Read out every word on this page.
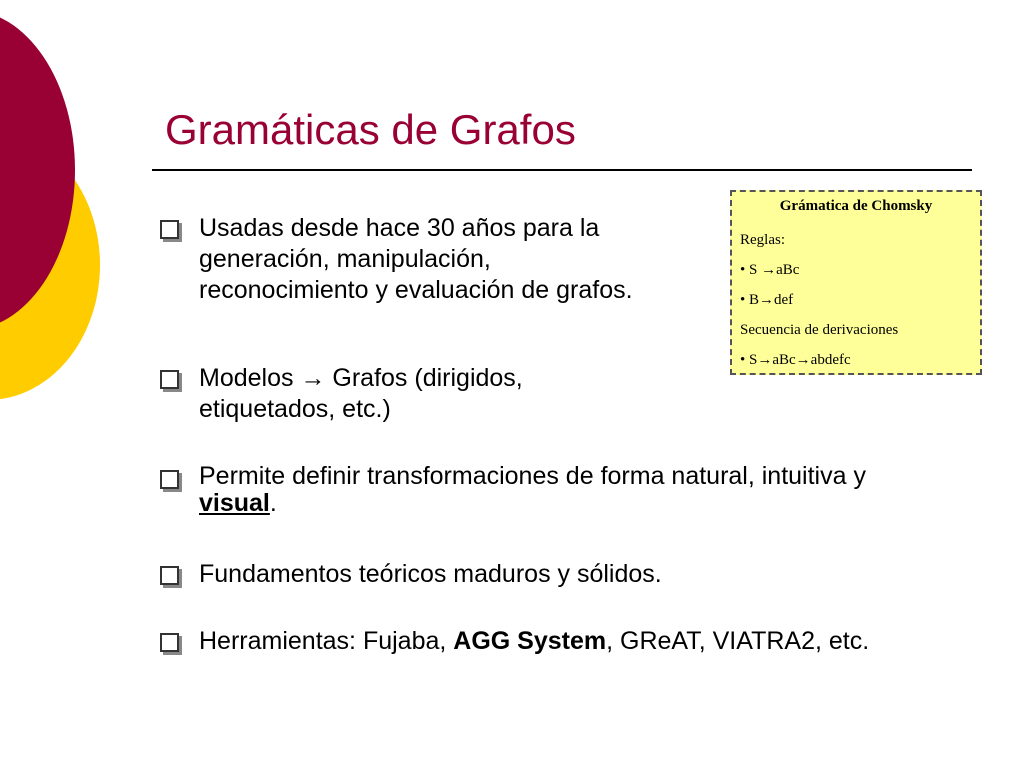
Gramáticas de Grafos
Usadas desde hace 30 años para la
generación, manipulación,
reconocimiento y evaluación de grafos.
Modelos → Grafos (dirigidos,
etiquetados, etc.)
Permite definir transformaciones de forma natural, intuitiva y
visual.
Fundamentos teóricos maduros y sólidos.
Herramientas: Fujaba, AGG System, GReAT, VIATRA2, etc.
Grámatica de Chomsky
Reglas:
• S →aBc
• B→def
Secuencia de derivaciones
• S→aBc→abdefc
